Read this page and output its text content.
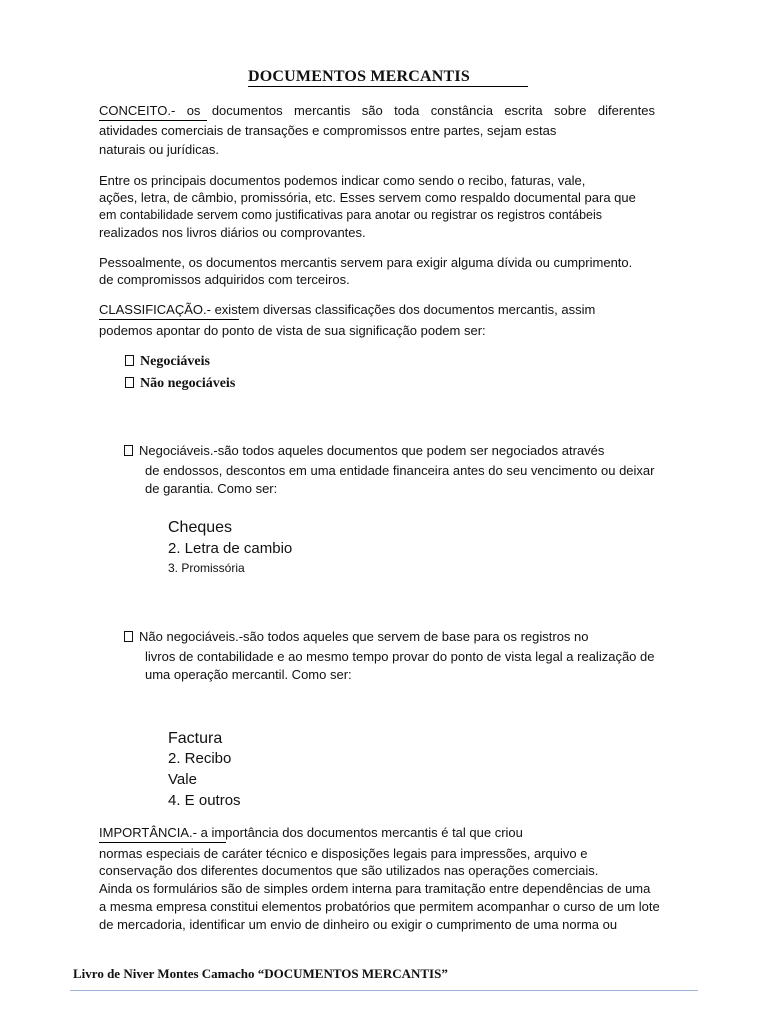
DOCUMENTOS MERCANTIS
CONCEITO.- os documentos mercantis são toda constância escrita sobre diferentes
atividades comerciais de transações e compromissos entre partes, sejam estas
naturais ou jurídicas.
Entre os principais documentos podemos indicar como sendo o recibo, faturas, vale,
ações, letra, de câmbio, promissória, etc. Esses servem como respaldo documental para que
em contabilidade servem como justificativas para anotar ou registrar os registros contábeis
realizados nos livros diários ou comprovantes.
Pessoalmente, os documentos mercantis servem para exigir alguma dívida ou cumprimento.
de compromissos adquiridos com terceiros.
CLASSIFICAÇÃO.- existem diversas classificações dos documentos mercantis, assim
podemos apontar do ponto de vista de sua significação podem ser:
Negociáveis
Não negociáveis
Negociáveis.-são todos aqueles documentos que podem ser negociados através
de endossos, descontos em uma entidade financeira antes do seu vencimento ou deixar
de garantia. Como ser:
Cheques
2. Letra de cambio
3. Promissória
Não negociáveis.-são todos aqueles que servem de base para os registros no
livros de contabilidade e ao mesmo tempo provar do ponto de vista legal a realização de
uma operação mercantil. Como ser:
Factura
2. Recibo
Vale
4. E outros
IMPORTÂNCIA.- a importância dos documentos mercantis é tal que criou
normas especiais de caráter técnico e disposições legais para impressões, arquivo e
conservação dos diferentes documentos que são utilizados nas operações comerciais.
Ainda os formulários são de simples ordem interna para tramitação entre dependências de uma
a mesma empresa constitui elementos probatórios que permitem acompanhar o curso de um lote
de mercadoria, identificar um envio de dinheiro ou exigir o cumprimento de uma norma ou
Livro de Niver Montes Camacho “DOCUMENTOS MERCANTIS”
